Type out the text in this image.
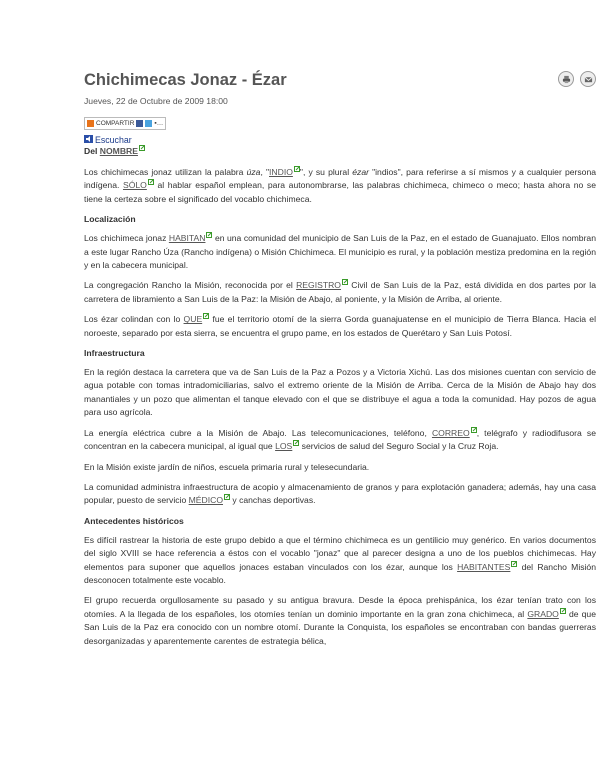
Chichimecas Jonaz - Ézar
Jueves, 22 de Octubre de 2009 18:00
COMPARTIR	▪…
Escuchar
Del NOMBRE

Los chichimecas jonaz utilizan la palabra úza, "INDIO ", y su plural ézar "indios", para referirse a sí mismos y a cualquier persona indígena. SÓLO
al hablar español emplean, para autonombrarse, las palabras chichimeca, chimeco o meco; hasta ahora no se tiene la certeza sobre el significado del vocablo chichimeca.

Localización

Los chichimeca jonaz HABITAN
en una comunidad del municipio de San Luis de la Paz, en el estado de Guanajuato. Ellos nombran a este lugar Rancho Úza (Rancho indígena) o Misión Chichimeca. El municipio es rural, y la población mestiza predomina en la región y en la cabecera municipal.

La congregación Rancho la Misión, reconocida por el REGISTRO
Civil de San Luis de la Paz, está dividida en dos partes por la carretera de libramiento a San Luis de la Paz: la Misión de Abajo, al poniente, y la Misión de Arriba, al oriente.

Los ézar colindan con lo QUE
fue el territorio otomí de la sierra Gorda guanajuatense en el municipio de Tierra Blanca. Hacia el noroeste, separado por esta sierra, se encuentra el grupo pame, en los estados de Querétaro y San Luis Potosí.

Infraestructura

En la región destaca la carretera que va de San Luis de la Paz a Pozos y a Victoria Xichú. Las dos misiones cuentan con servicio de agua potable con tomas intradomiciliarias, salvo el extremo oriente de la Misión de Arriba. Cerca de la Misión de Abajo hay dos manantiales y un pozo que alimentan el tanque elevado con el que se distribuye el agua a toda la comunidad. Hay pozos de agua para uso agrícola.

La energía eléctrica cubre a la Misión de Abajo. Las telecomunicaciones, teléfono, CORREO , telégrafo y radiodifusora se concentran en la cabecera municipal, al igual que LOS
servicios de salud del Seguro Social y la Cruz Roja.

En la Misión existe jardín de niños, escuela primaria rural y telesecundaria.

La comunidad administra infraestructura de acopio y almacenamiento de granos y para explotación ganadera; además, hay una casa popular, puesto de servicio MÉDICO
y canchas deportivas.

Antecedentes históricos

Es difícil rastrear la historia de este grupo debido a que el término chichimeca es un gentilicio muy genérico. En varios documentos del siglo XVIII se hace referencia a éstos con el vocablo "jonaz" que al parecer designa a uno de los pueblos chichimecas. Hay elementos para suponer que aquellos jonaces estaban vinculados con los ézar, aunque los HABITANTES
del Rancho Misión desconocen totalmente este vocablo.

El grupo recuerda orgullosamente su pasado y su antigua bravura. Desde la época prehispánica, los ézar tenían trato con los otomíes. A la llegada de los españoles, los otomíes tenían un dominio importante en la gran zona chichimeca, al GRADO
de que San Luis de la Paz era conocido con un nombre otomí. Durante la Conquista, los españoles se encontraban con bandas guerreras desorganizadas y aparentemente carentes de estrategia bélica,
